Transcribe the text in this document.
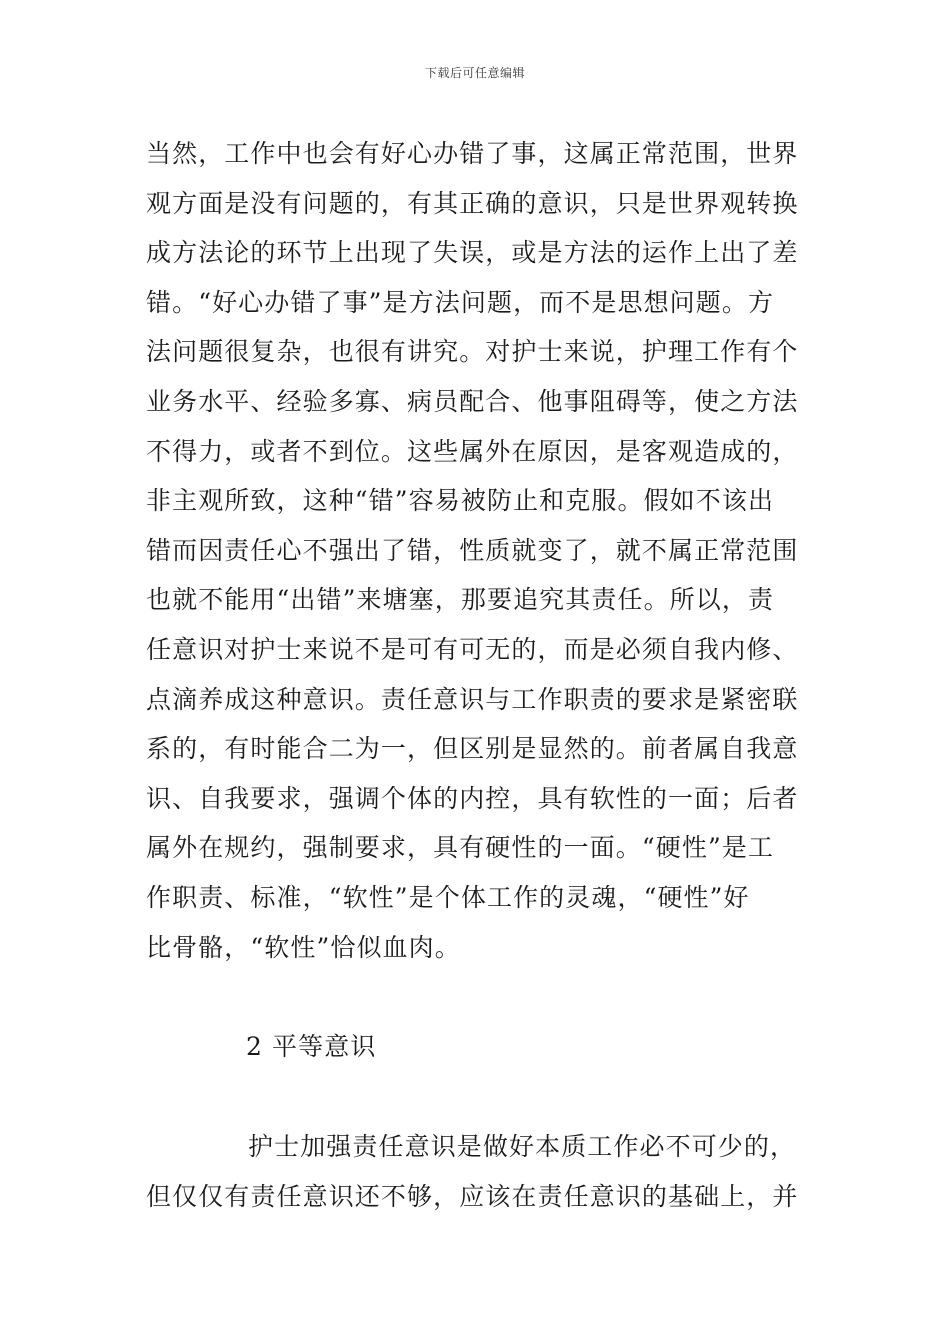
下载后可任意编辑
当然，工作中也会有好心办错了事，这属正常范围，世界
观方面是没有问题的，有其正确的意识，只是世界观转换
成方法论的环节上出现了失误，或是方法的运作上出了差
错。“好心办错了事”是方法问题，而不是思想问题。方
法问题很复杂，也很有讲究。对护士来说，护理工作有个
业务水平、经验多寡、病员配合、他事阻碍等，使之方法
不得力，或者不到位。这些属外在原因，是客观造成的，
非主观所致，这种“错”容易被防止和克服。假如不该出
错而因责任心不强出了错，性质就变了，就不属正常范围
也就不能用“出错”来塘塞，那要追究其责任。所以，责
任意识对护士来说不是可有可无的，而是必须自我内修、
点滴养成这种意识。责任意识与工作职责的要求是紧密联
系的，有时能合二为一，但区别是显然的。前者属自我意
识、自我要求，强调个体的内控，具有软性的一面；后者
属外在规约，强制要求，具有硬性的一面。“硬性”是工
作职责、标准，“软性”是个体工作的灵魂，“硬性”好
比骨骼，“软性”恰似血肉。
2 平等意识
护士加强责任意识是做好本质工作必不可少的，
但仅仅有责任意识还不够，应该在责任意识的基础上，并
